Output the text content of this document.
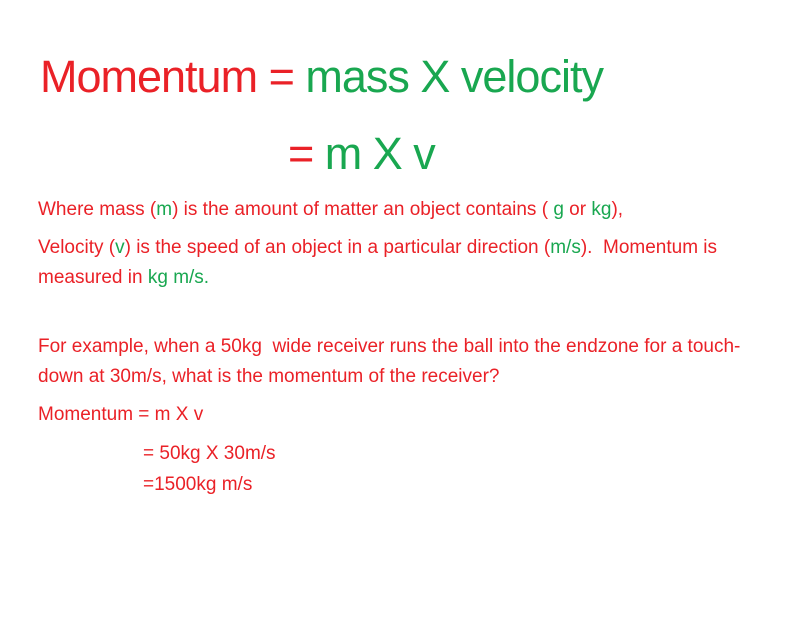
Momentum = mass X velocity
= m X v

Where mass (m) is the amount of matter an object contains ( g or kg),

Velocity (v) is the speed of an object in a particular direction (m/s).  Momentum is

measured in kg m/s.

For example, when a 50kg  wide receiver runs the ball into the endzone for a touch-

down at 30m/s, what is the momentum of the receiver?

Momentum = m X v

= 50kg X 30m/s

=1500kg m/s
